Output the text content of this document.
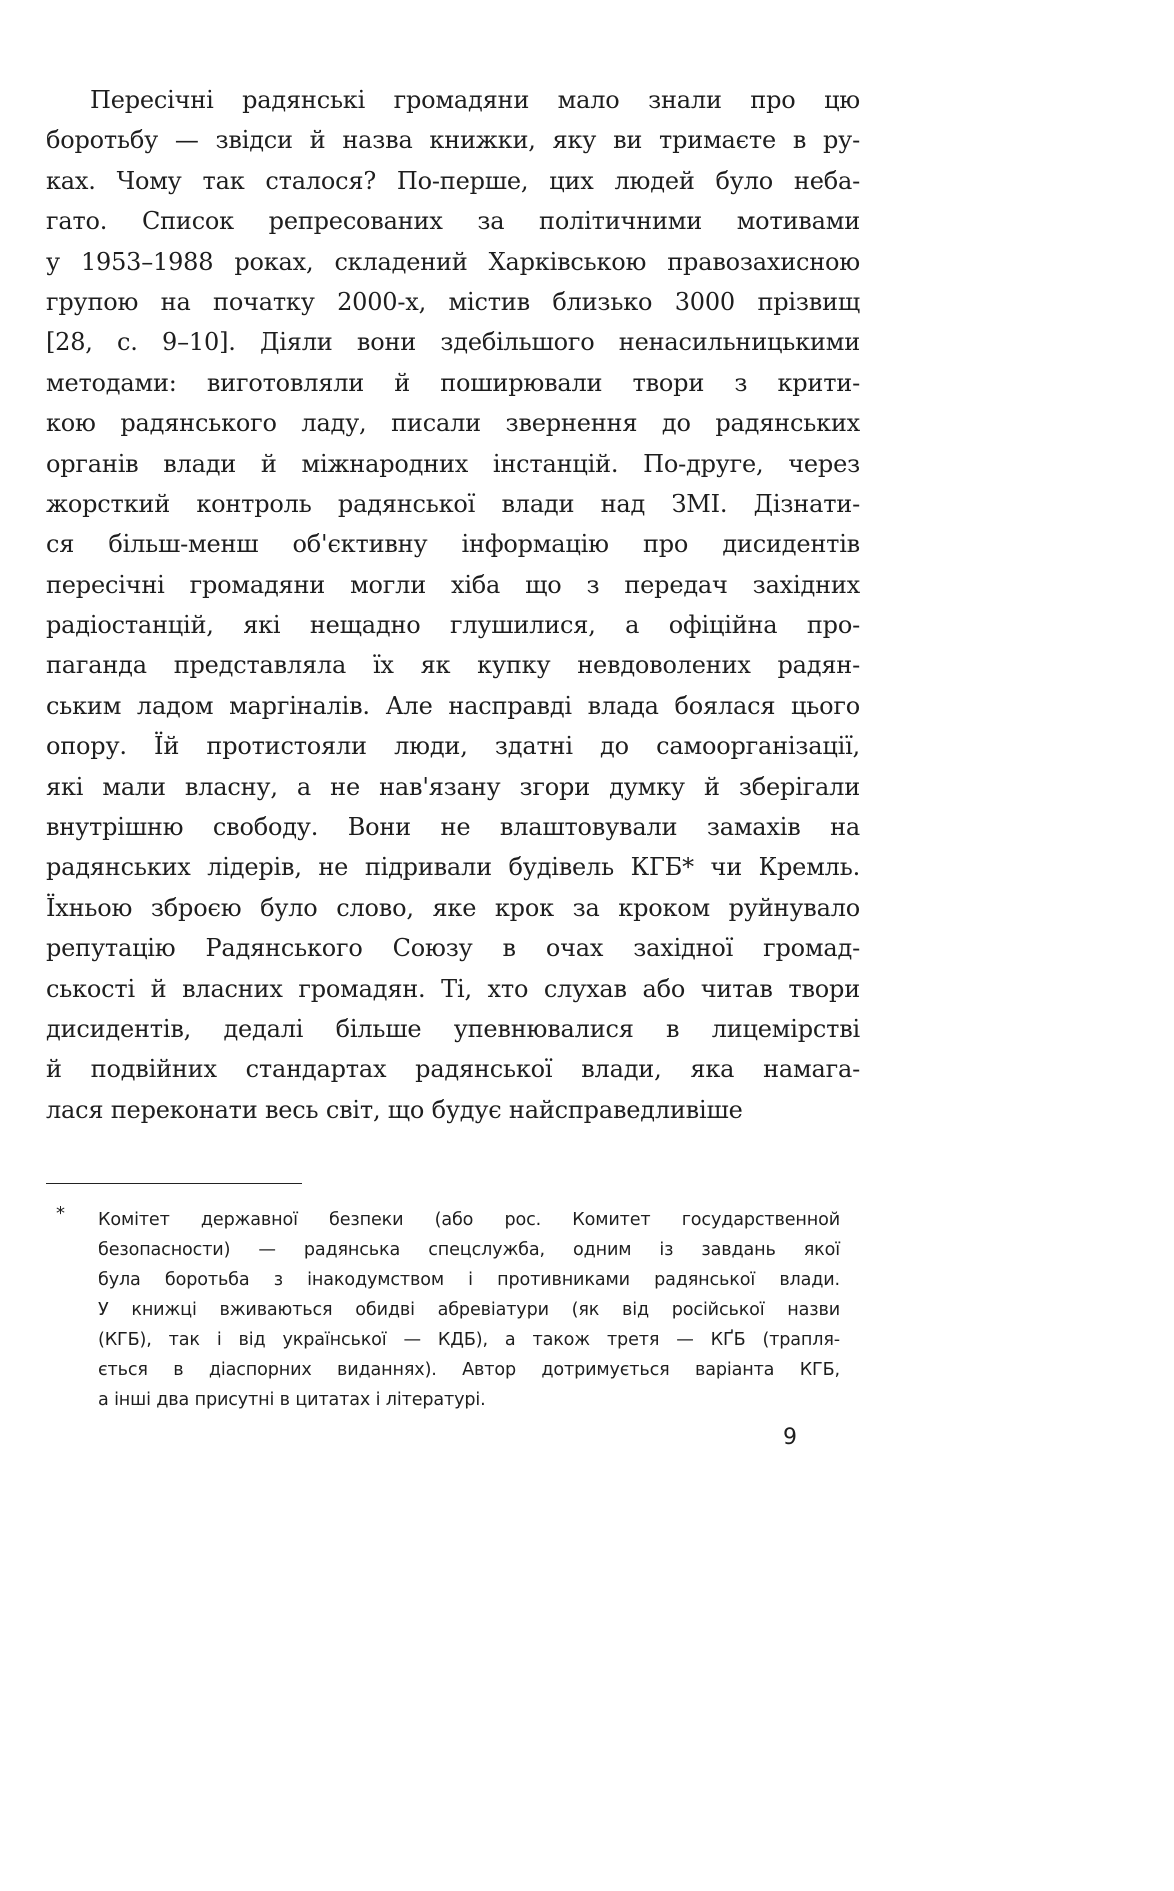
Пересічні радянські громадяни мало знали про цю
боротьбу — звідси й назва книжки, яку ви тримаєте в ру-
ках. Чому так сталося? По-перше, цих людей було неба-
гато. Список репресованих за політичними мотивами
у 1953–1988 роках, складений Харківською правозахисною
групою на початку 2000-х, містив близько 3000 прізвищ
[28, с. 9–10]. Діяли вони здебільшого ненасильницькими
методами: виготовляли й поширювали твори з крити-
кою радянського ладу, писали звернення до радянських
органів влади й міжнародних інстанцій. По-друге, через
жорсткий контроль радянської влади над ЗМІ. Дізнати-
ся більш-менш об'єктивну інформацію про дисидентів
пересічні громадяни могли хіба що з передач західних
радіостанцій, які нещадно глушилися, а офіційна про-
паганда представляла їх як купку невдоволених радян-
ським ладом маргіналів. Але насправді влада боялася цього
опору. Їй протистояли люди, здатні до самоорганізації,
які мали власну, а не нав'язану згори думку й зберігали
внутрішню свободу. Вони не влаштовували замахів на
радянських лідерів, не підривали будівель КГБ* чи Кремль.
Їхньою зброєю було слово, яке крок за кроком руйнувало
репутацію Радянського Союзу в очах західної громад-
ськості й власних громадян. Ті, хто слухав або читав твори
дисидентів, дедалі більше упевнювалися в лицемірстві
й подвійних стандартах радянської влади, яка намага-
лася переконати весь світ, що будує найсправедливіше
* Комітет державної безпеки (або рос. Комитет государственной
безопасности) — радянська спецслужба, одним із завдань якої
була боротьба з інакодумством і противниками радянської влади.
У книжці вживаються обидві абревіатури (як від російської назви
(КГБ), так і від української — КДБ), а також третя — КҐБ (трапля-
ється в діаспорних виданнях). Автор дотримується варіанта КГБ,
а інші два присутні в цитатах і літературі.
9
